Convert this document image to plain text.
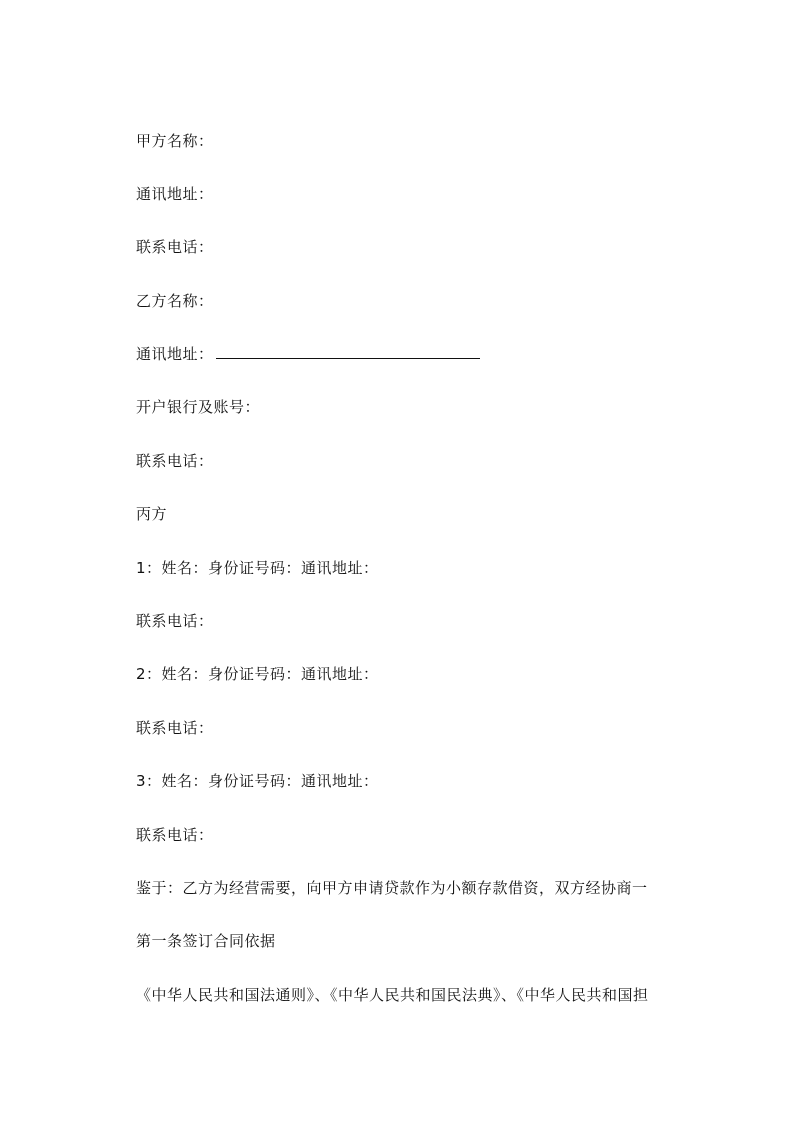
甲方名称：
通讯地址：
联系电话：
乙方名称：
通讯地址：
开户银行及账号：
联系电话：
丙方
1：姓名：身份证号码：通讯地址：
联系电话：
2：姓名：身份证号码：通讯地址：
联系电话：
3：姓名：身份证号码：通讯地址：
联系电话：
鉴于：乙方为经营需要，向甲方申请贷款作为小额存款借资，双方经协商一
第一条签订合同依据
《中华人民共和国法通则》、《中华人民共和国民法典》、《中华人民共和国担
